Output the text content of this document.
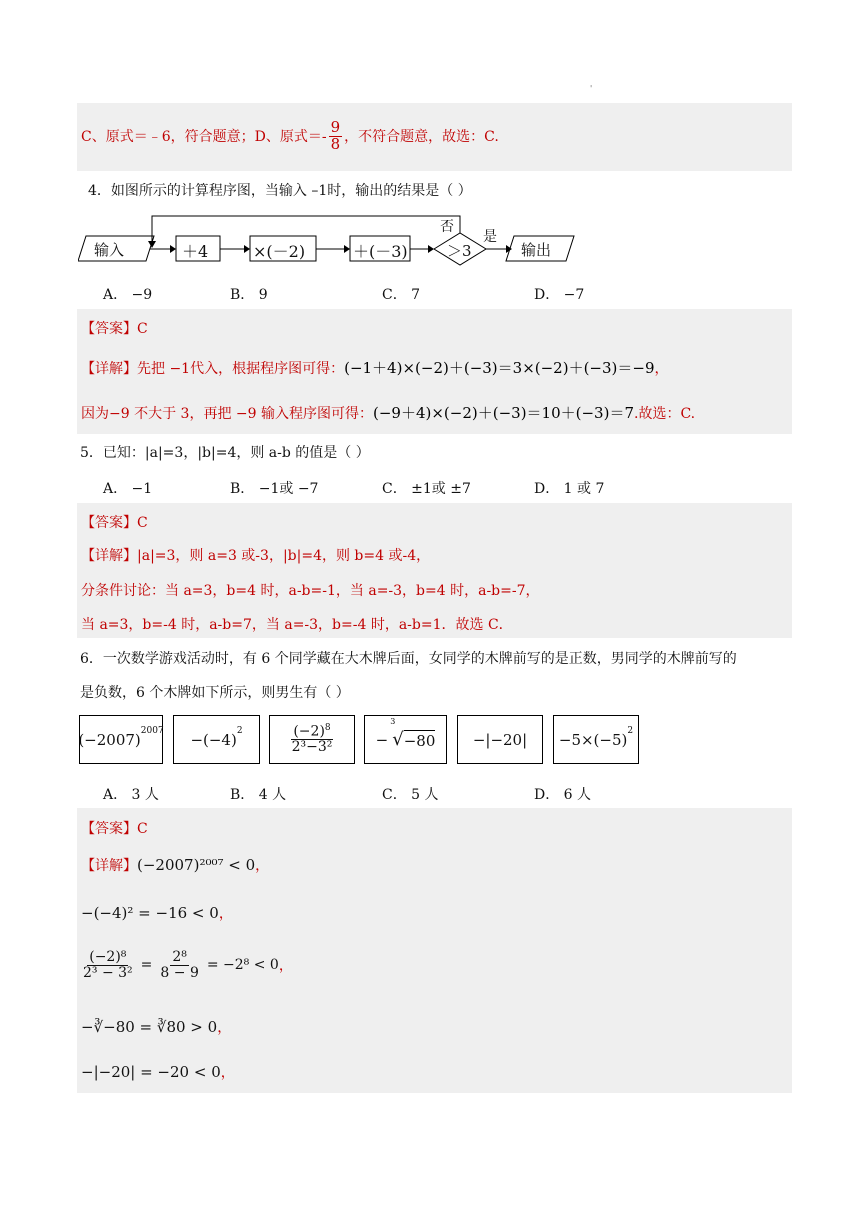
'
C、原式＝﹣6，符合题意；D、原式＝- $\frac{9}{8}$ ，不符合题意，故选：C.
4．如图所示的计算程序图，当输入 –1时，输出的结果是（ ）
输入	＋4	×(－2)	＋(－3)	＞3
否
是
输出
A． −9	B． 9	C． 7	D． −7
【答案】C
【详解】先把 −1代入，根据程序图可得：(−1＋4)×(−2)＋(−3)＝3×(−2)＋(−3)＝−9，
因为−9 不大于 3，再把 −9 输入程序图可得：(−9＋4)×(−2)＋(−3)＝10＋(−3)＝7.故选：C.
5．已知：|a|=3，|b|=4，则 a-b 的值是（ ）
A． −1	B． −1或 −7	C． ±1或 ±7	D． 1 或 7
【答案】C
【详解】|a|=3，则 a=3 或-3，|b|=4，则 b=4 或-4，
分条件讨论：当 a=3，b=4 时，a-b=-1，当 a=-3，b=4 时，a-b=-7，
当 a=3，b=-4 时，a-b=7，当 a=-3，b=-4 时，a-b=1．故选 C．
6．一次数学游戏活动时，有 6 个同学藏在大木牌后面，女同学的木牌前写的是正数，男同学的木牌前写的
是负数，6 个木牌如下所示，则男生有（ ）
$(-2007)^{2007} -(-4)^2$	$\frac{(-2)^8}{\text{2³−3²}}$	−
3
√ $-80 -|-20| -5\times(-5)^2$
A． 3 人	B． 4 人	C． 5 人	D． 6 人
【答案】C
【详解】(−2007)²⁰⁰⁷ < 0，
−(−4)² = −16 < 0，
$\frac{\text{(−2)⁸}}{\text{2³ − 3²}} = \frac{\text{2⁸}}{8 - 9} = -2^8 < 0$ ，
−∛−80 = ∛80 > 0，
−|−20| = −20 < 0，
